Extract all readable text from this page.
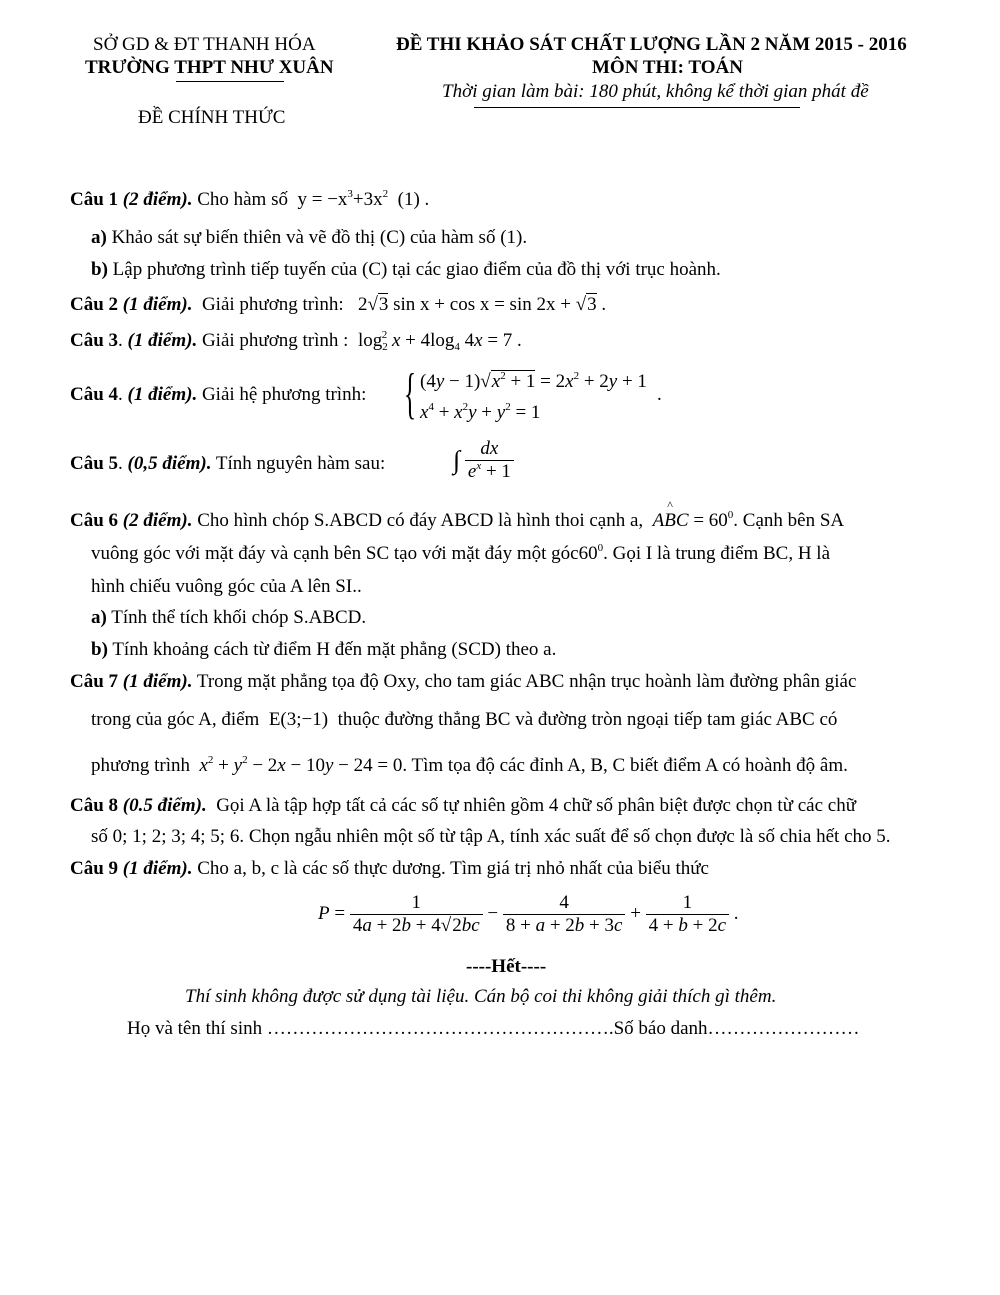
SỞ GD & ĐT THANH HÓA
TRƯỜNG THPT NHƯ XUÂN
ĐỀ CHÍNH THỨC
ĐỀ THI KHẢO SÁT CHẤT LƯỢNG LẦN 2 NĂM 2015 - 2016
MÔN THI: TOÁN
Thời gian làm bài: 180 phút, không kể thời gian phát đề
Câu 1 (2 điểm). Cho hàm số  $y = -x^3+3x^2$  (1) .
a) Khảo sát sự biến thiên và vẽ đồ thị (C) của hàm số (1).
b) Lập phương trình tiếp tuyến của (C) tại các giao điểm của đồ thị với trục hoành.
Câu 2 (1 điểm). Giải phương trình:   2√3 sin x + cos x = sin 2x + √3 .
Câu 3. (1 điểm). Giải phương trình :  $\log_2^2 x + 4\log_4$ 4x = 7 .
Câu 4. (1 điểm). Giải hệ phương trình: { $(4y - 1)√x^2 + 1 = 2x^2 + 2y + 1$
$x^4 + x^2y + y^2 = 1$
.
Câu 5. (0,5 điểm). Tính nguyên hàm sau:	∫ $\frac{dx}{e^x + 1}$
Câu 6 (2 điểm). Cho hình chóp S.ABCD có đáy ABCD là hình thoi cạnh a, AB
^
$C = 60^0$. Cạnh bên SA
vuông góc với mặt đáy và cạnh bên SC tạo với mặt đáy một $góc60^0$. Gọi I là trung điểm BC, H là
hình chiếu vuông góc của A lên SI..
a) Tính thể tích khối chóp S.ABCD.
b) Tính khoảng cách từ điểm H đến mặt phẳng (SCD) theo a.
Câu 7 (1 điểm). Trong mặt phẳng tọa độ Oxy, cho tam giác ABC nhận trục hoành làm đường phân giác
trong của góc A, điểm E(3;−1) thuộc đường thẳng BC và đường tròn ngoại tiếp tam giác ABC có
phương trình $x^2 + y^2 - 2x - 10y - 24 = 0$. Tìm tọa độ các đỉnh A, B, C biết điểm A có hoành độ âm.
Câu 8 (0.5 điểm). Gọi A là tập hợp tất cả các số tự nhiên gồm 4 chữ số phân biệt được chọn từ các chữ
số 0; 1; 2; 3; 4; 5; 6. Chọn ngẫu nhiên một số từ tập A, tính xác suất để số chọn được là số chia hết cho 5.
Câu 9 (1 điểm). Cho a, b, c là các số thực dương. Tìm giá trị nhỏ nhất của biểu thức
$P = \frac{1}{4a + 2b + 4√2bc} - \frac{4}{8 + a + 2b + 3c} + \frac{1}{4 + b + 2c}$ .
----Hết----
Thí sinh không được sử dụng tài liệu. Cán bộ coi thi không giải thích gì thêm.
Họ và tên thí sinh ……………………………………………….Số báo danh……………………
